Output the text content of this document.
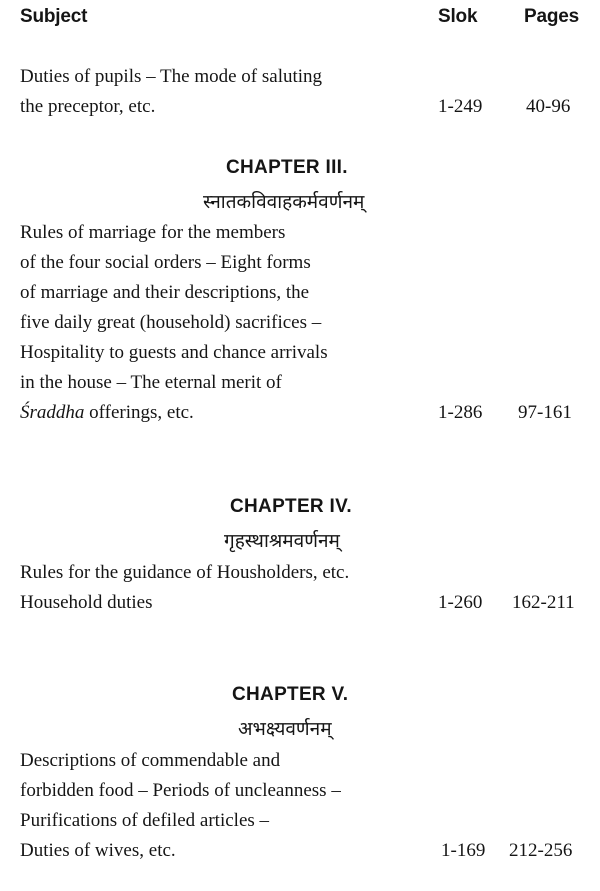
Subject	Slok Pages
Duties of pupils – The mode of saluting
the preceptor, etc.	1-249 40-96
CHAPTER III.
स्नातकविवाहकर्मवर्णनम्
Rules of marriage for the members
of the four social orders – Eight forms
of marriage and their descriptions, the
five daily great (household) sacrifices –
Hospitality to guests and chance arrivals
in the house – The eternal merit of
Śraddha offerings, etc.	1-286 97-161
CHAPTER IV.
गृहस्थाश्रमवर्णनम्
Rules for the guidance of Housholders, etc.
Household duties	1-260 162-211
CHAPTER V.
अभक्ष्यवर्णनम्
Descriptions of commendable and
forbidden food – Periods of uncleanness –
Purifications of defiled articles –
Duties of wives, etc.	1-169 212-256
